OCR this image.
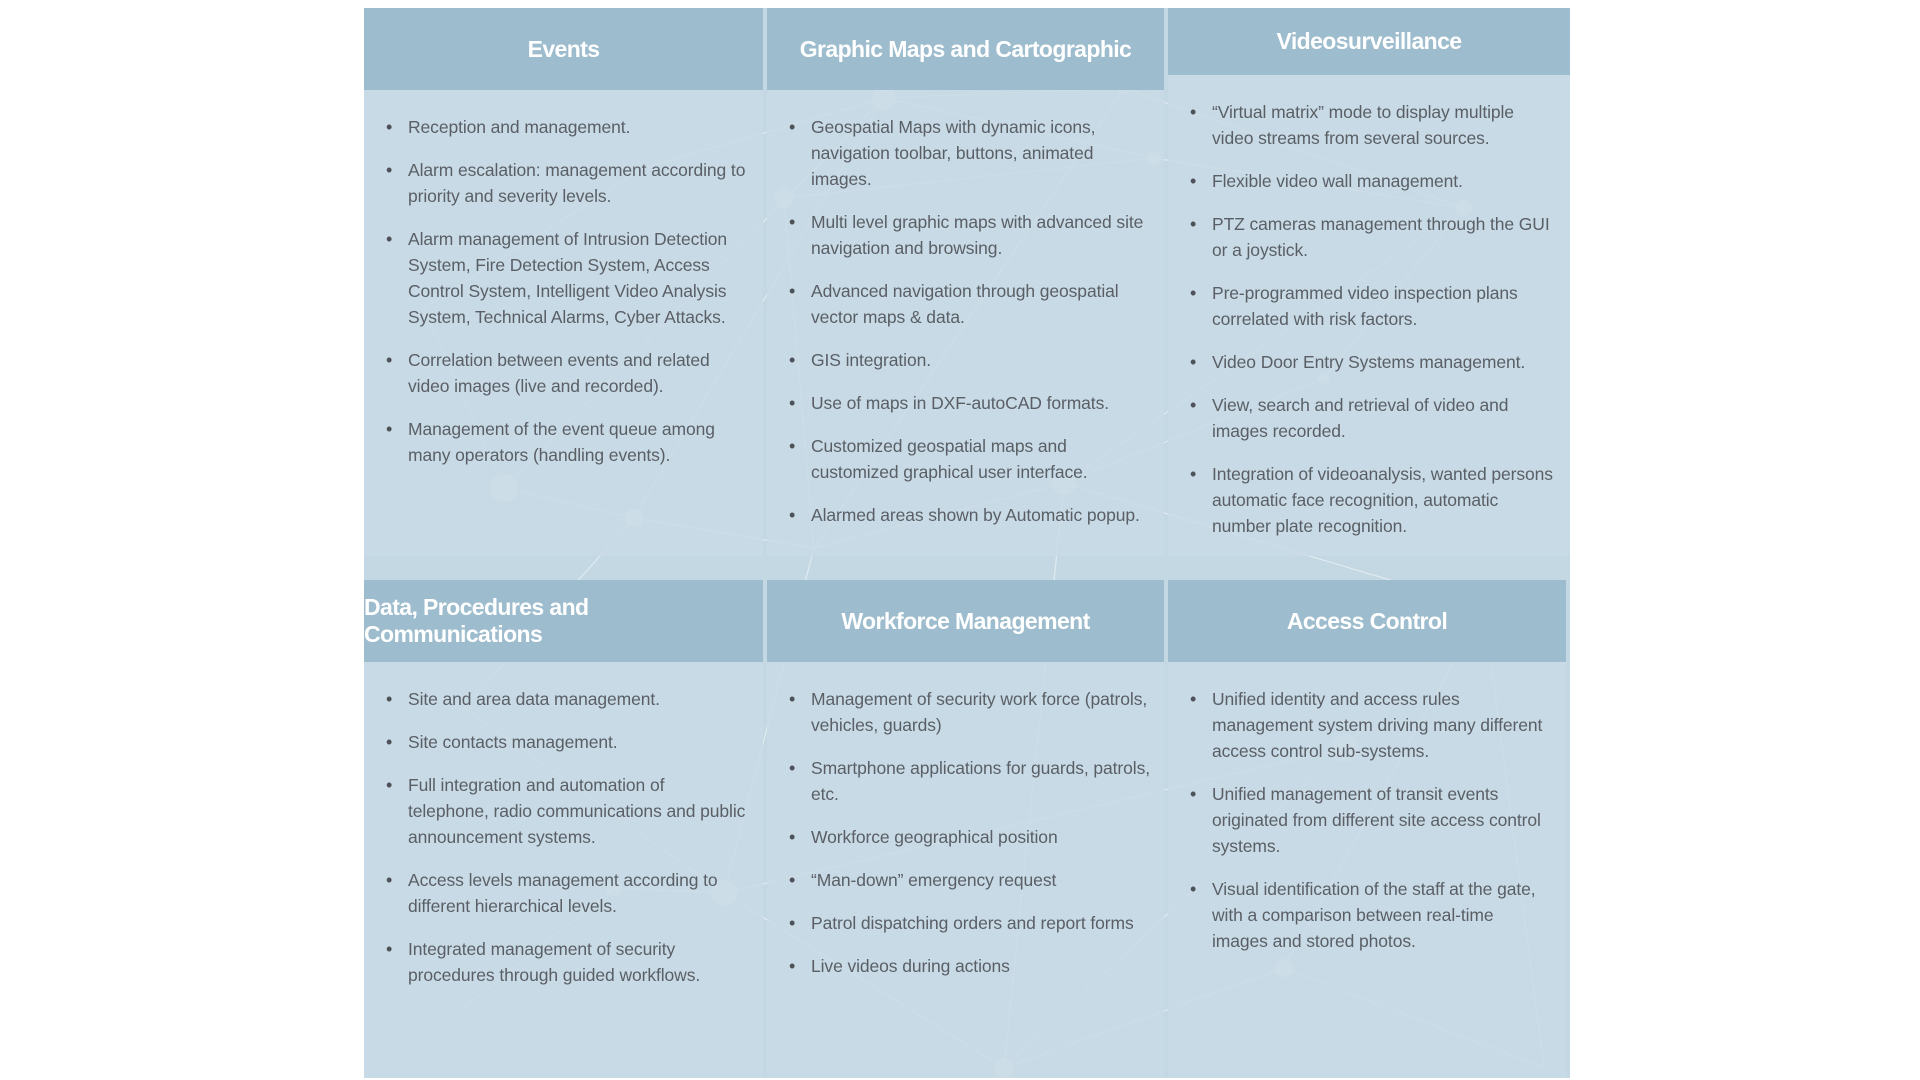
Events
• Reception and management.
• Alarm escalation: management according to priority and severity levels.
• Alarm management of Intrusion Detection System, Fire Detection System, Access Control System, Intelligent Video Analysis System, Technical Alarms, Cyber Attacks.
• Correlation between events and related video images (live and recorded).
• Management of the event queue among many operators (handling events).
Graphic Maps and Cartographic
• Geospatial Maps with dynamic icons, navigation toolbar, buttons, animated images.
• Multi level graphic maps with advanced site navigation and browsing.
• Advanced navigation through geospatial vector maps & data.
• GIS integration.
• Use of maps in DXF-autoCAD formats.
• Customized geospatial maps and customized graphical user interface.
• Alarmed areas shown by Automatic popup.
Videosurveillance
• “Virtual matrix” mode to display multiple video streams from several sources.
• Flexible video wall management.
• PTZ cameras management through the GUI or a joystick.
• Pre-programmed video inspection plans correlated with risk factors.
• Video Door Entry Systems management.
• View, search and retrieval of video and images recorded.
• Integration of videoanalysis, wanted persons automatic face recognition, automatic number plate recognition.
Data, Procedures and Communications
• Site and area data management.
• Site contacts management.
• Full integration and automation of telephone, radio communications and public announcement systems.
• Access levels management according to different hierarchical levels.
• Integrated management of security procedures through guided workflows.
Workforce Management
• Management of security work force (patrols, vehicles, guards)
• Smartphone applications for guards, patrols, etc.
• Workforce geographical position
• “Man-down” emergency request
• Patrol dispatching orders and report forms
• Live videos during actions
Access Control
• Unified identity and access rules management system driving many different access control sub-systems.
• Unified management of transit events originated from different site access control systems.
• Visual identification of the staff at the gate, with a comparison between real-time images and stored photos.
